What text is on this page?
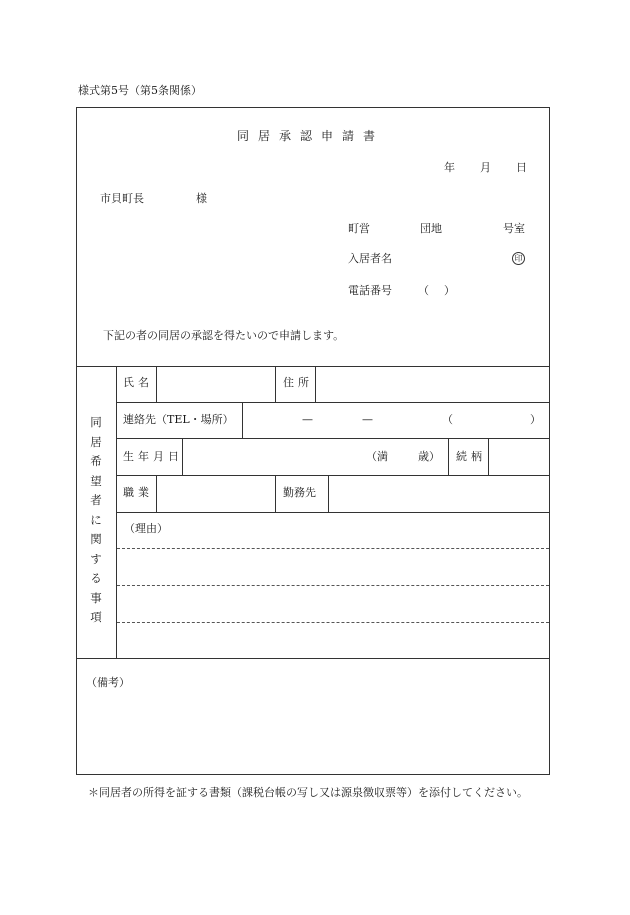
様式第5号（第5条関係）
同居承認申請書
年 月 日
市貝町長	様
町営	団地	号室
入居者名	印
電話番号 （ ）
下記の者の同居の承認を得たいので申請します。
同居希望者に関する事項
氏名	住所
連絡先（TEL・場所）	—	—	（	）
生年月日	（満	歳） 続柄
職業	勤務先
（理由）
（備考）
＊同居者の所得を証する書類（課税台帳の写し又は源泉徴収票等）を添付してください。
